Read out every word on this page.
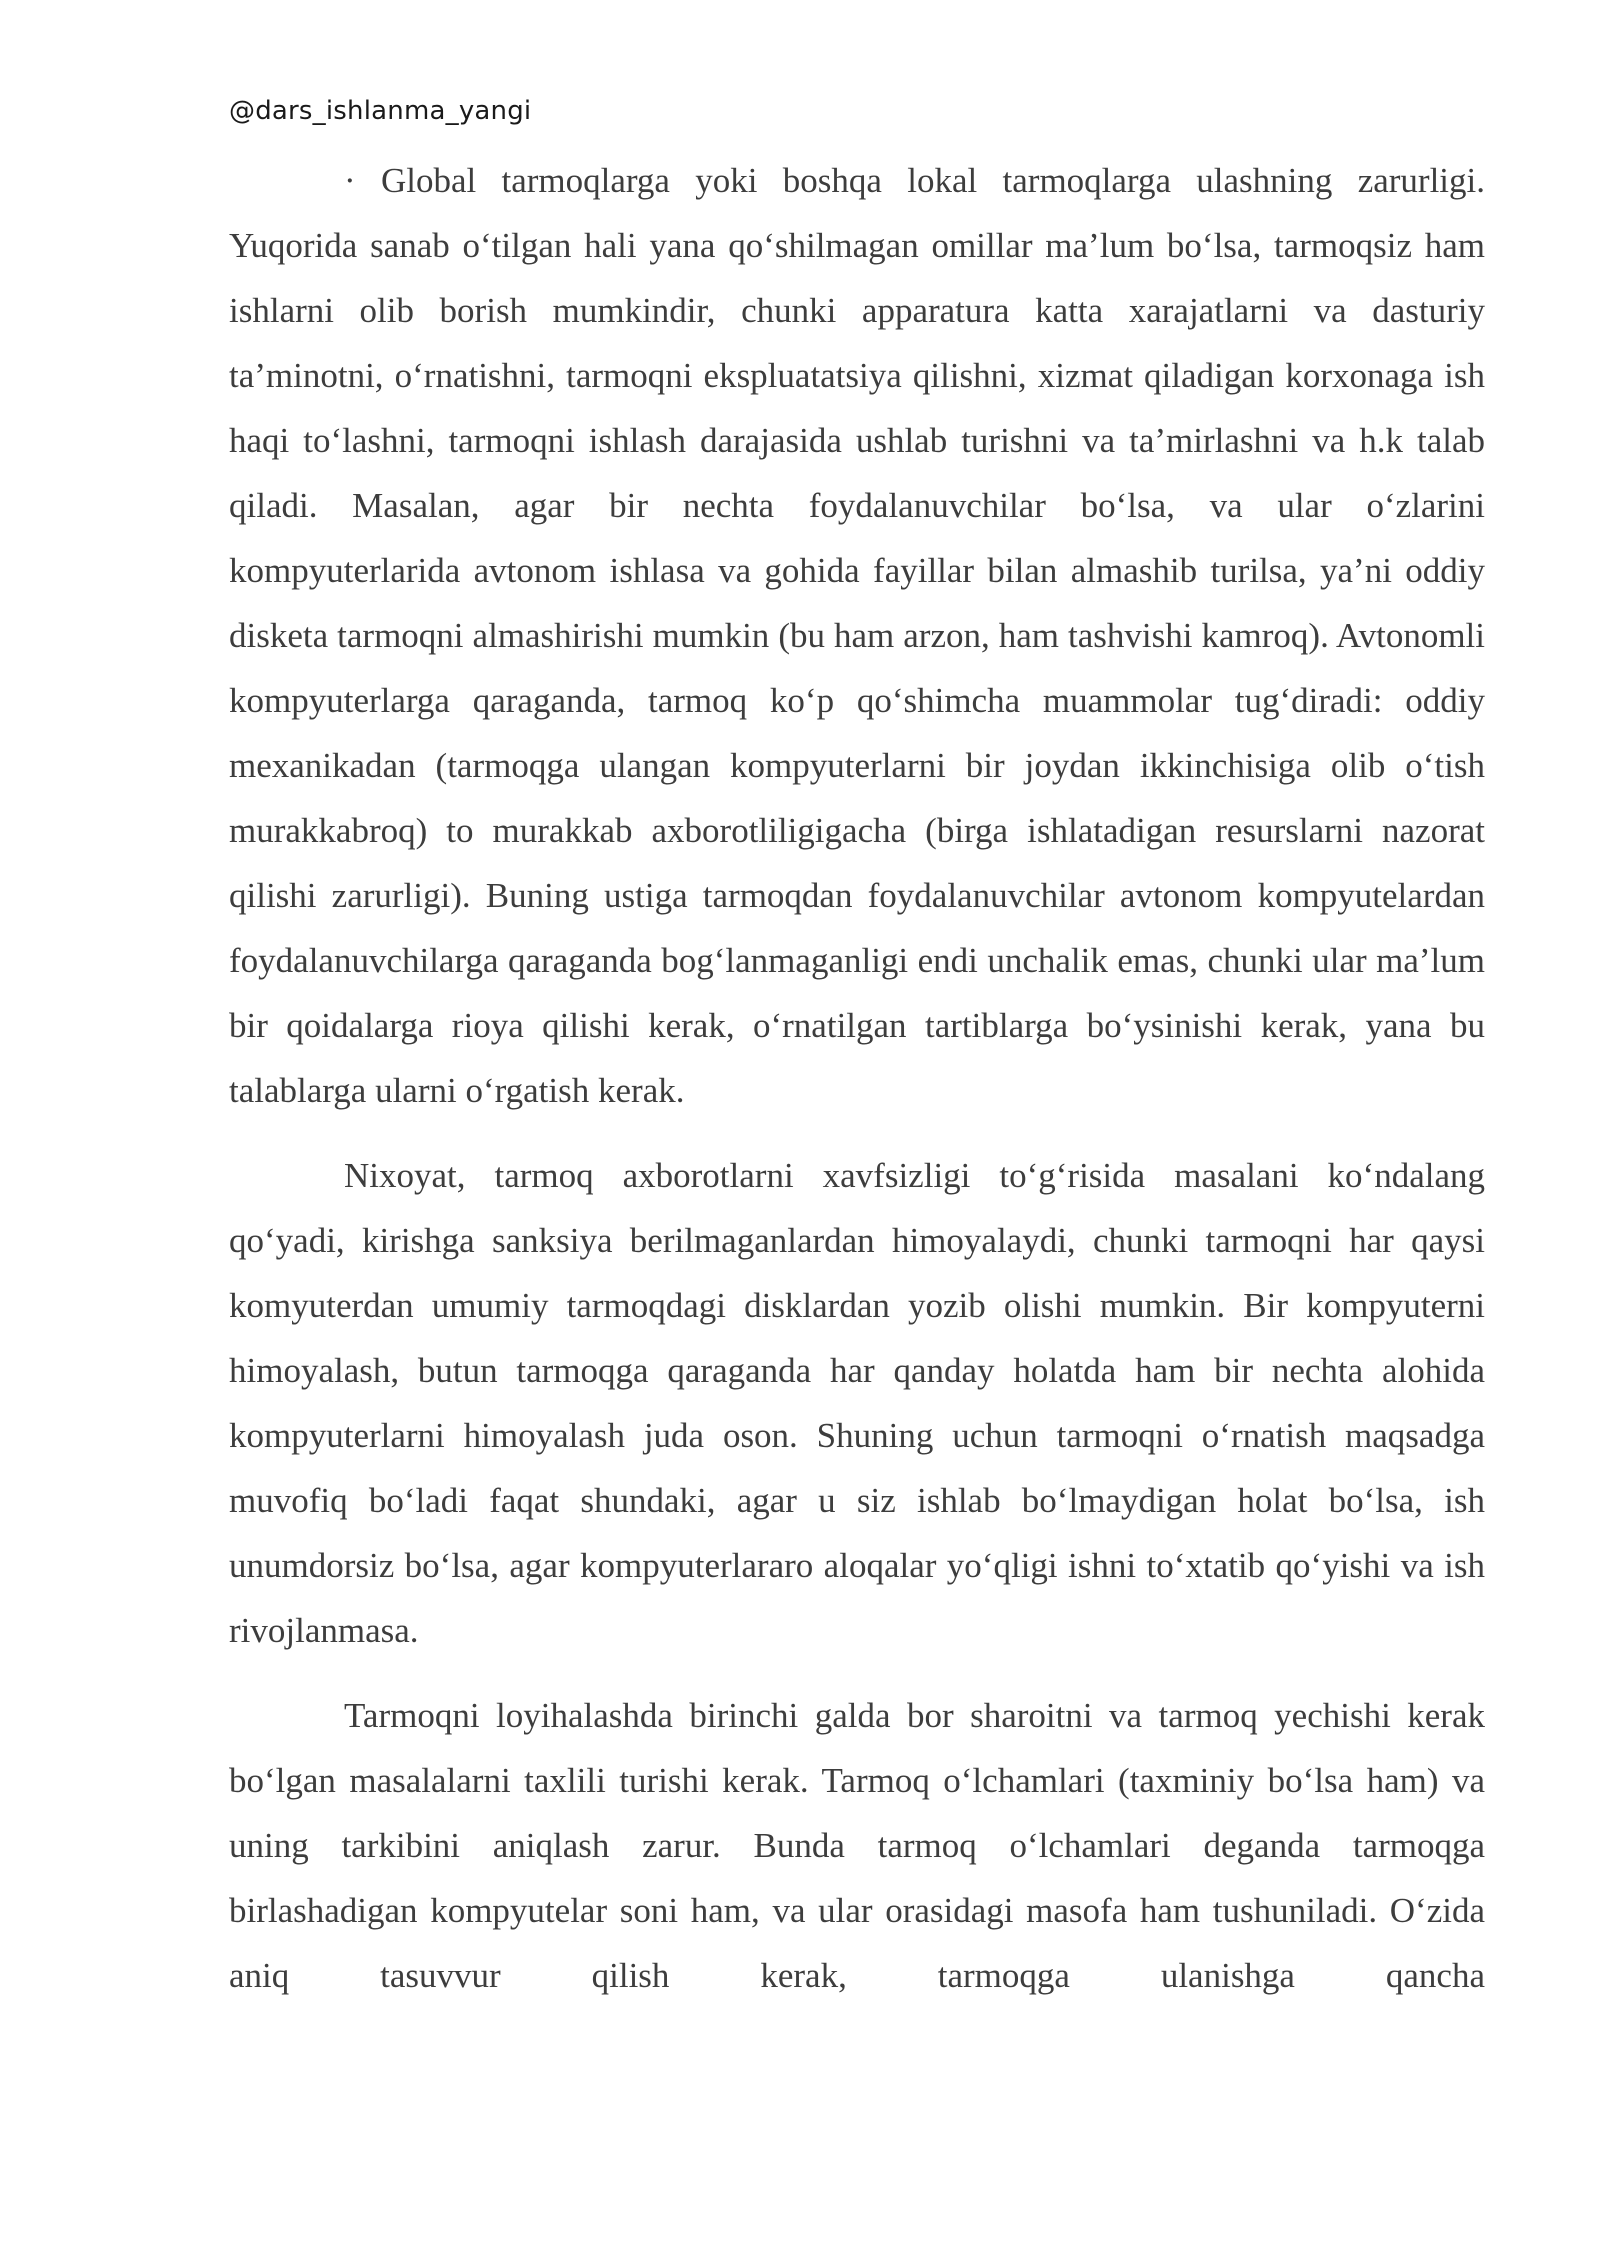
@dars_ishlanma_yangi

· Global tarmoqlarga yoki boshqa lokal tarmoqlarga ulashning zarurligi. Yuqorida sanab o‘tilgan hali yana qo‘shilmagan omillar ma’lum bo‘lsa, tarmoqsiz ham ishlarni olib borish mumkindir, chunki apparatura katta xarajatlarni va dasturiy ta’minotni, o‘rnatishni, tarmoqni ekspluatatsiya qilishni, xizmat qiladigan korxonaga ish haqi to‘lashni, tarmoqni ishlash darajasida ushlab turishni va ta’mirlashni va h.k talab qiladi. Masalan, agar bir nechta foydalanuvchilar bo‘lsa, va ular o‘zlarini kompyuterlarida avtonom ishlasa va gohida fayillar bilan almashib turilsa, ya’ni oddiy disketa tarmoqni almashirishi mumkin (bu ham arzon, ham tashvishi kamroq). Avtonomli kompyuterlarga qaraganda, tarmoq ko‘p qo‘shimcha muammolar tug‘diradi: oddiy mexanikadan (tarmoqga ulangan kompyuterlarni bir joydan ikkinchisiga olib o‘tish murakkabroq) to murakkab axborotliligigacha (birga ishlatadigan resurslarni nazorat qilishi zarurligi). Buning ustiga tarmoqdan foydalanuvchilar avtonom kompyutelardan foydalanuvchilarga qaraganda bog‘lanmaganligi endi unchalik emas, chunki ular ma’lum bir qoidalarga rioya qilishi kerak, o‘rnatilgan tartiblarga bo‘ysinishi kerak, yana bu talablarga ularni o‘rgatish kerak.

Nixoyat, tarmoq axborotlarni xavfsizligi to‘g‘risida masalani ko‘ndalang qo‘yadi, kirishga sanksiya berilmaganlardan himoyalaydi, chunki tarmoqni har qaysi komyuterdan umumiy tarmoqdagi disklardan yozib olishi mumkin. Bir kompyuterni himoyalash, butun tarmoqga qaraganda har qanday holatda ham bir nechta alohida kompyuterlarni himoyalash juda oson. Shuning uchun tarmoqni o‘rnatish maqsadga muvofiq bo‘ladi faqat shundaki, agar u siz ishlab bo‘lmaydigan holat bo‘lsa, ish unumdorsiz bo‘lsa, agar kompyuterlararo aloqalar yo‘qligi ishni to‘xtatib qo‘yishi va ish rivojlanmasa.

Tarmoqni loyihalashda birinchi galda bor sharoitni va tarmoq yechishi kerak bo‘lgan masalalarni taxlili turishi kerak. Tarmoq o‘lchamlari (taxminiy bo‘lsa ham) va uning tarkibini aniqlash zarur. Bunda tarmoq o‘lchamlari deganda tarmoqga birlashadigan kompyutelar soni ham, va ular orasidagi masofa ham tushuniladi. O‘zida aniq tasuvvur qilish kerak, tarmoqga ulanishga qancha
